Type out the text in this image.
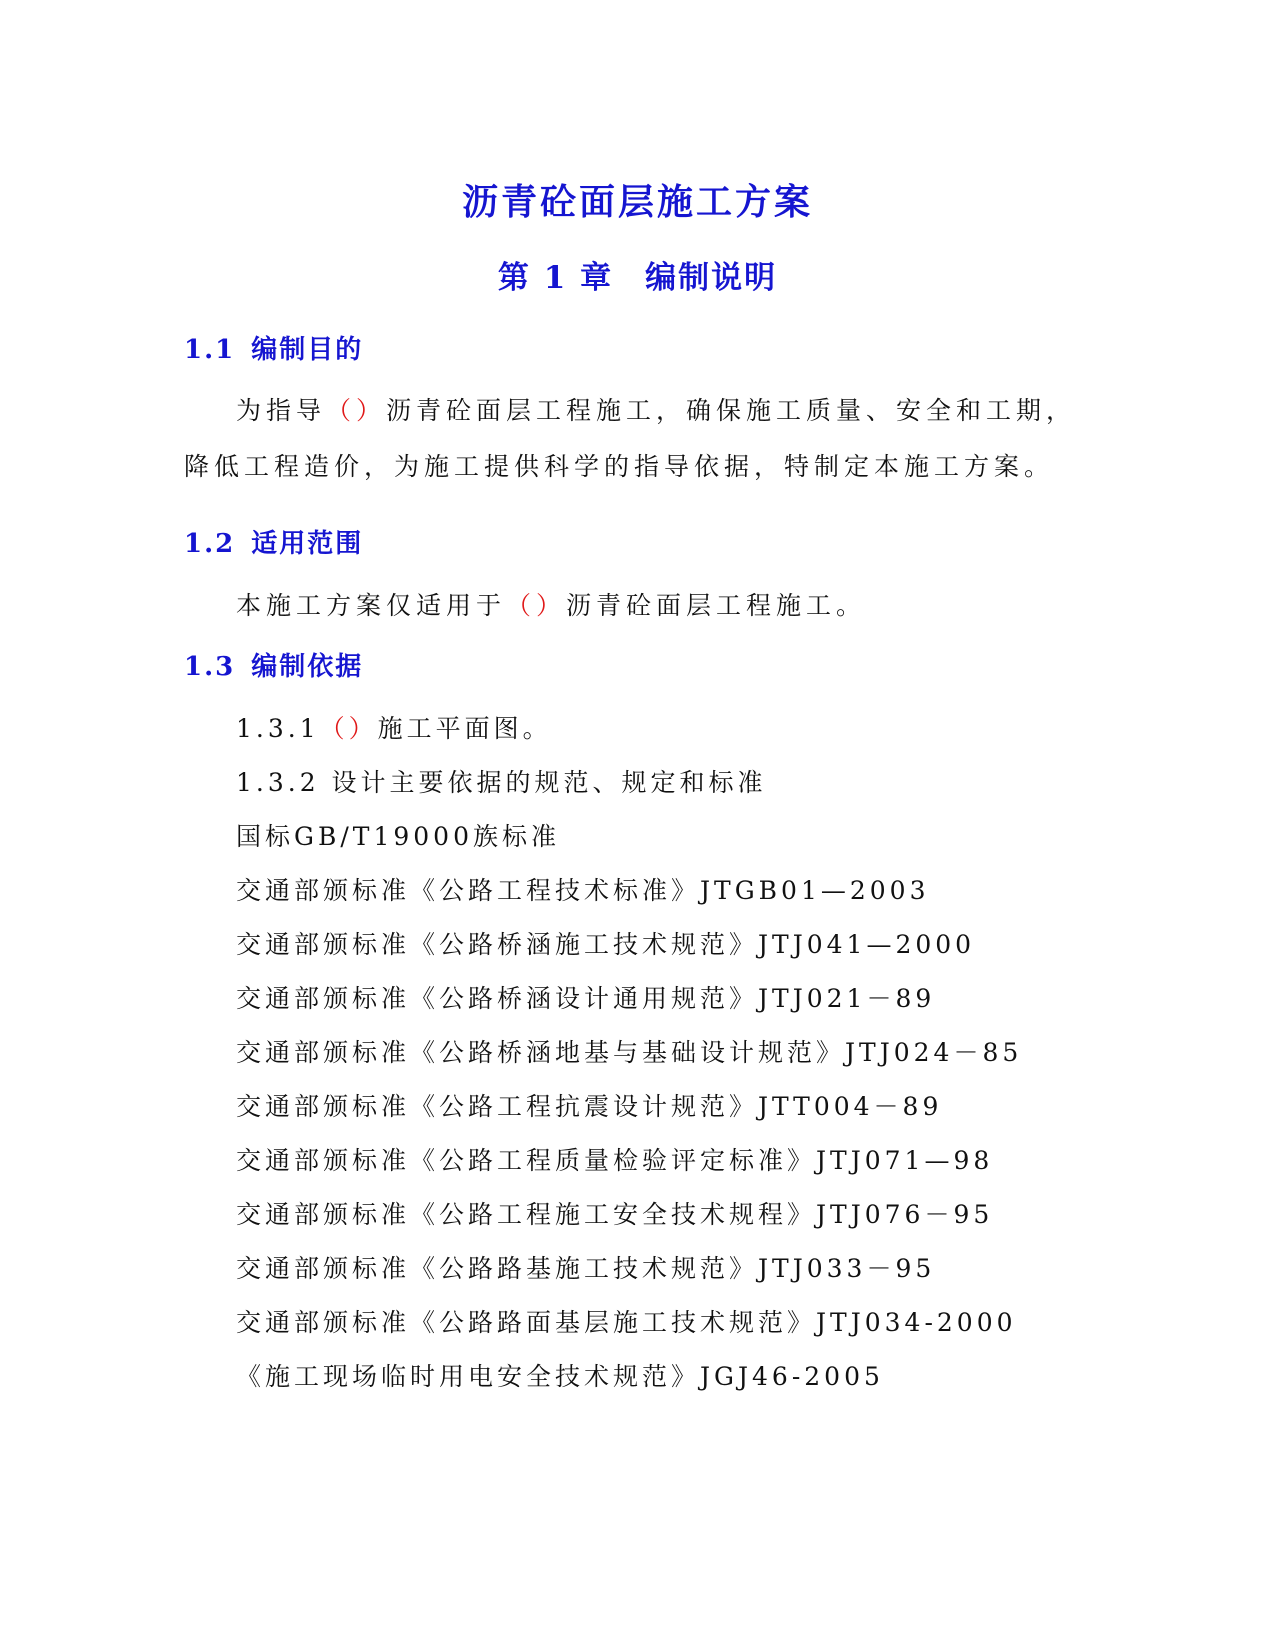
沥青砼面层施工方案
第 1 章 编制说明
1.1 编制目的
为指导（）沥青砼面层工程施工，确保施工质量、安全和工期，降低工程造价，为施工提供科学的指导依据，特制定本施工方案。
1.2 适用范围
本施工方案仅适用于（）沥青砼面层工程施工。
1.3 编制依据
1.3.1（）施工平面图。
1.3.2 设计主要依据的规范、规定和标准
国标GB/T19000族标准
交通部颁标准《公路工程技术标准》JTGB01—2003
交通部颁标准《公路桥涵施工技术规范》JTJ041—2000
交通部颁标准《公路桥涵设计通用规范》JTJ021－89
交通部颁标准《公路桥涵地基与基础设计规范》JTJ024－85
交通部颁标准《公路工程抗震设计规范》JTT004－89
交通部颁标准《公路工程质量检验评定标准》JTJ071—98
交通部颁标准《公路工程施工安全技术规程》JTJ076－95
交通部颁标准《公路路基施工技术规范》JTJ033－95
交通部颁标准《公路路面基层施工技术规范》JTJ034-2000
《施工现场临时用电安全技术规范》JGJ46-2005
